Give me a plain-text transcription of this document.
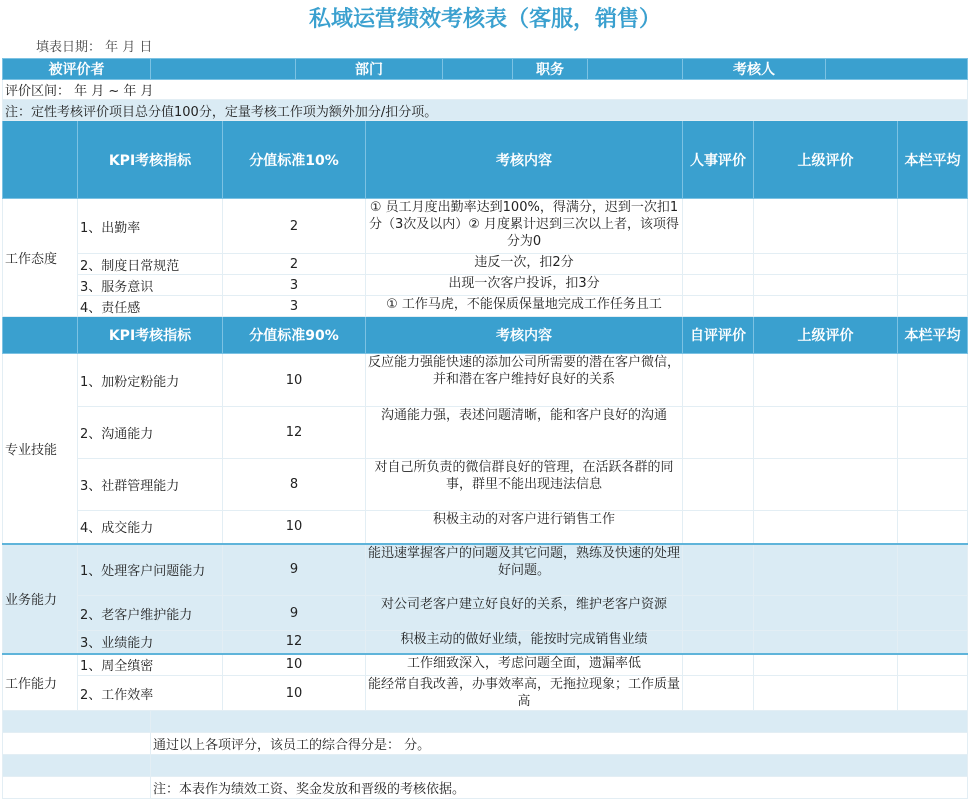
私域运营绩效考核表（客服，销售）
填表日期： 年 月 日
被评价者				部门			职务		考核人			
评价区间： 年 月 ~ 年 月												
注：定性考核评价项目总分值100分，定量考核工作项为额外加分/扣分项。												
	KPI考核指标		分值标准10%		考核内容				人事评价	上级评价		本栏平均
工作态度	1、出勤率		2		① 员工月度出勤率达到100%，得满分，迟到一次扣1分（3次及以内）② 月度累计迟到三次以上者，该项得分为0							
	2、制度日常规范		2		违反一次，扣2分							
	3、服务意识		3		出现一次客户投诉，扣3分							
	4、责任感		3		① 工作马虎，不能保质保量地完成工作任务且工							
	KPI考核指标		分值标准90%		考核内容				自评评价	上级评价		本栏平均
专业技能	1、加粉定粉能力		10		反应能力强能快速的添加公司所需要的潜在客户微信，并和潜在客户维持好良好的关系							
	2、沟通能力		12		沟通能力强，表述问题清晰，能和客户良好的沟通							
	3、社群管理能力		8		对自己所负责的微信群良好的管理，在活跃各群的同事，群里不能出现违法信息							
	4、成交能力		10		积极主动的对客户进行销售工作							
业务能力	1、处理客户问题能力		9		能迅速掌握客户的问题及其它问题，熟练及快速的处理好问题。							
	2、老客户维护能力		9		对公司老客户建立好良好的关系，维护老客户资源							
	3、业绩能力		12		积极主动的做好业绩，能按时完成销售业绩							
工作能力	1、周全缜密		10		工作细致深入，考虑问题全面，遗漏率低							
	2、工作效率		10		能经常自我改善，办事效率高，无拖拉现象；工作质量高							

		通过以上各项评分，该员工的综合得分是： 分。										

		注：本表作为绩效工资、奖金发放和晋级的考核依据。										
